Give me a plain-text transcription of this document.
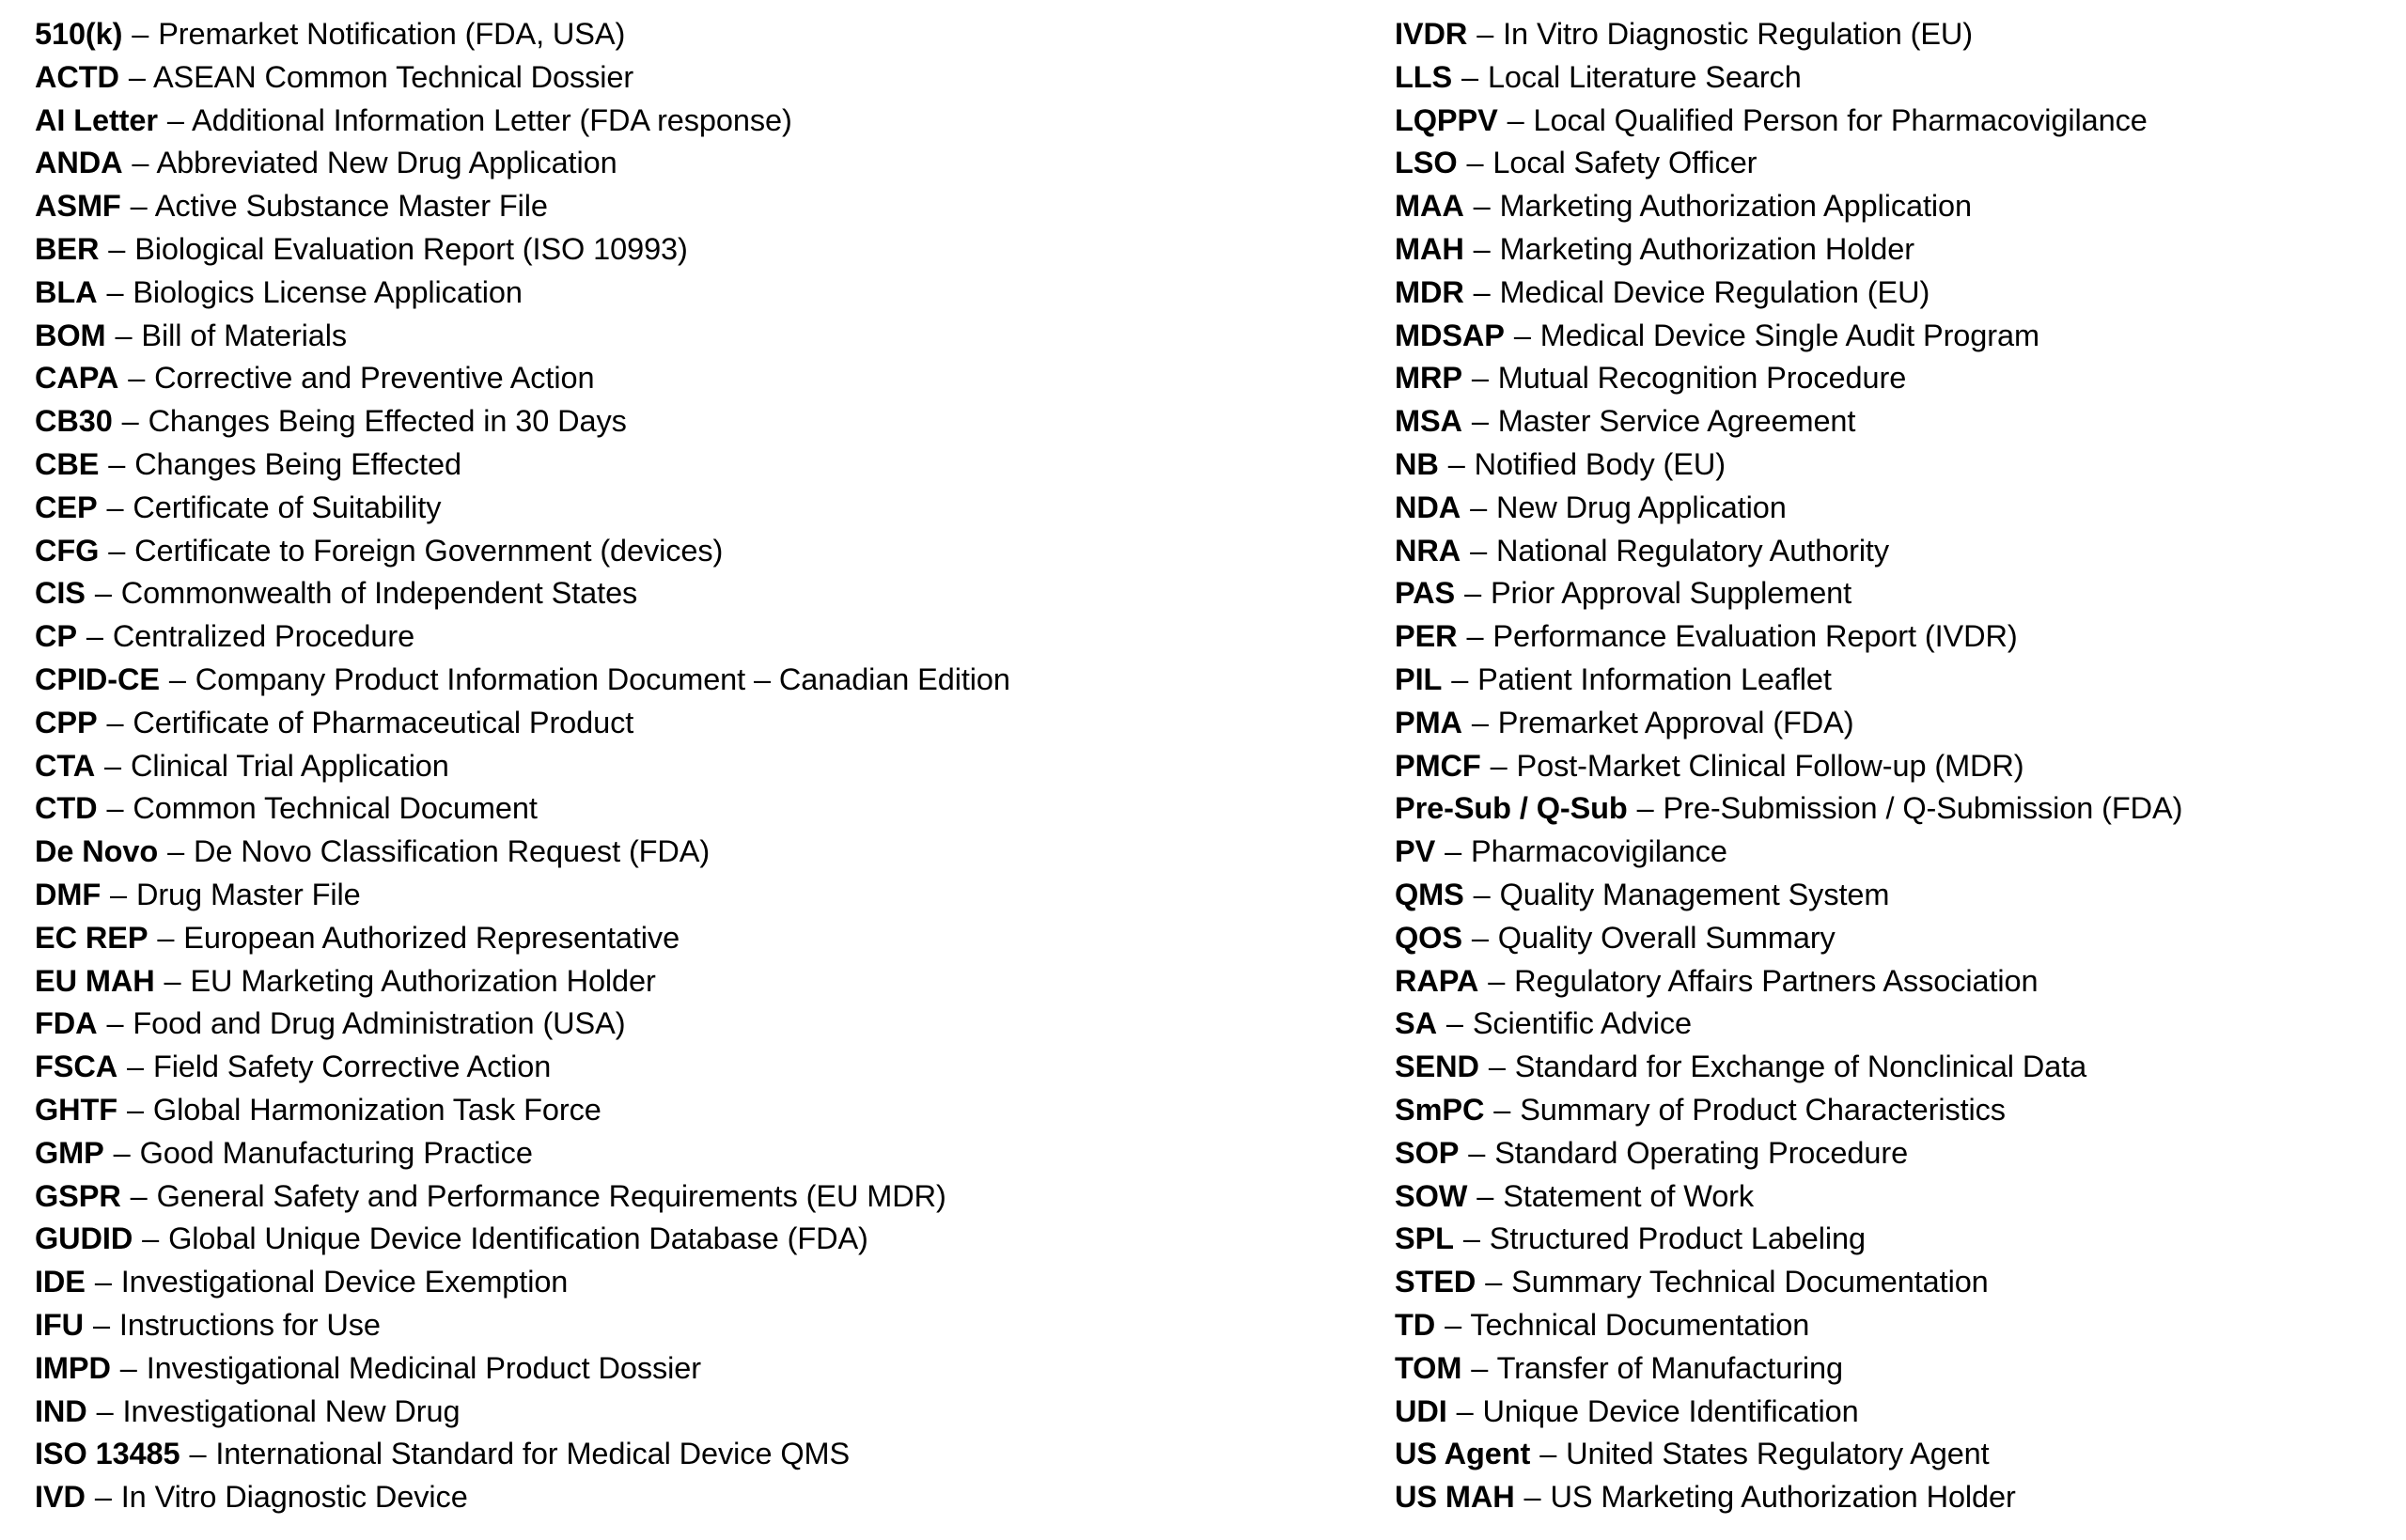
510(k) – Premarket Notification (FDA, USA)
ACTD – ASEAN Common Technical Dossier
AI Letter – Additional Information Letter (FDA response)
ANDA – Abbreviated New Drug Application
ASMF – Active Substance Master File
BER – Biological Evaluation Report (ISO 10993)
BLA – Biologics License Application
BOM – Bill of Materials
CAPA – Corrective and Preventive Action
CB30 – Changes Being Effected in 30 Days
CBE – Changes Being Effected
CEP – Certificate of Suitability
CFG – Certificate to Foreign Government (devices)
CIS – Commonwealth of Independent States
CP – Centralized Procedure
CPID-CE – Company Product Information Document – Canadian Edition
CPP – Certificate of Pharmaceutical Product
CTA – Clinical Trial Application
CTD – Common Technical Document
De Novo – De Novo Classification Request (FDA)
DMF – Drug Master File
EC REP – European Authorized Representative
EU MAH – EU Marketing Authorization Holder
FDA – Food and Drug Administration (USA)
FSCA – Field Safety Corrective Action
GHTF – Global Harmonization Task Force
GMP – Good Manufacturing Practice
GSPR – General Safety and Performance Requirements (EU MDR)
GUDID – Global Unique Device Identification Database (FDA)
IDE – Investigational Device Exemption
IFU – Instructions for Use
IMPD – Investigational Medicinal Product Dossier
IND – Investigational New Drug
ISO 13485 – International Standard for Medical Device QMS
IVD – In Vitro Diagnostic Device
IVDR – In Vitro Diagnostic Regulation (EU)
LLS – Local Literature Search
LQPPV – Local Qualified Person for Pharmacovigilance
LSO – Local Safety Officer
MAA – Marketing Authorization Application
MAH – Marketing Authorization Holder
MDR – Medical Device Regulation (EU)
MDSAP – Medical Device Single Audit Program
MRP – Mutual Recognition Procedure
MSA – Master Service Agreement
NB – Notified Body (EU)
NDA – New Drug Application
NRA – National Regulatory Authority
PAS – Prior Approval Supplement
PER – Performance Evaluation Report (IVDR)
PIL – Patient Information Leaflet
PMA – Premarket Approval (FDA)
PMCF – Post-Market Clinical Follow-up (MDR)
Pre-Sub / Q-Sub – Pre-Submission / Q-Submission (FDA)
PV – Pharmacovigilance
QMS – Quality Management System
QOS – Quality Overall Summary
RAPA – Regulatory Affairs Partners Association
SA – Scientific Advice
SEND – Standard for Exchange of Nonclinical Data
SmPC – Summary of Product Characteristics
SOP – Standard Operating Procedure
SOW – Statement of Work
SPL – Structured Product Labeling
STED – Summary Technical Documentation
TD – Technical Documentation
TOM – Transfer of Manufacturing
UDI – Unique Device Identification
US Agent – United States Regulatory Agent
US MAH – US Marketing Authorization Holder
